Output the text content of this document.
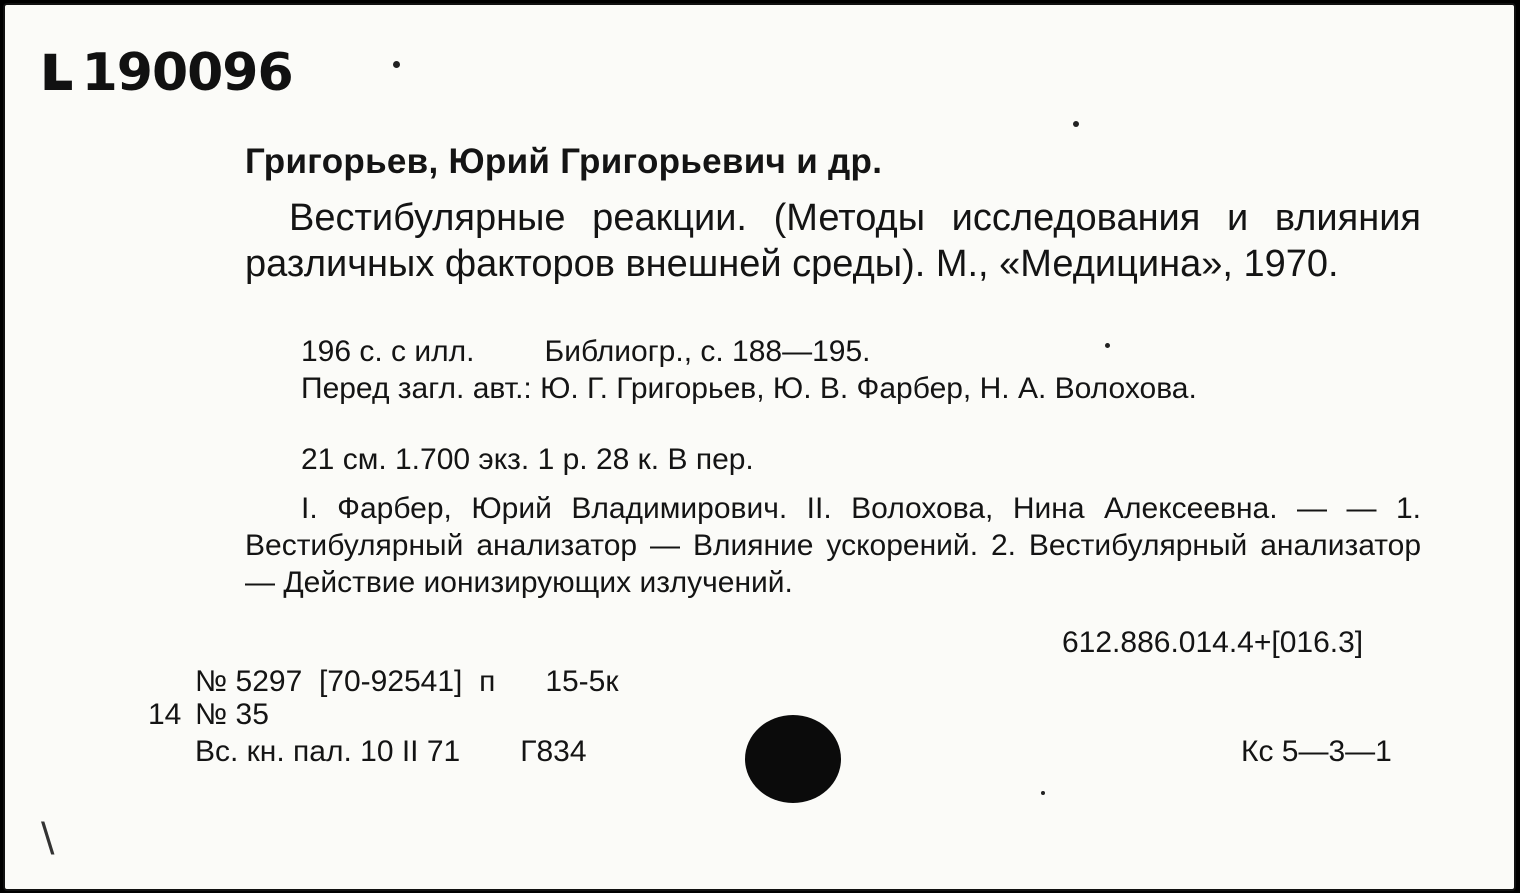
ʟ 190096
Григорьев, Юрий Григорьевич и др.
Вестибулярные реакции. (Методы исследования и влияния различных факторов внешней среды). М., «Медицина», 1970.
196 с. с илл. Библиогр., с. 188—195.
Перед загл. авт.: Ю. Г. Григорьев, Ю. В. Фарбер, Н. А. Волохова.
21 см. 1.700 экз. 1 р. 28 к. В пер.
I. Фарбер, Юрий Владимирович. II. Волохова, Нина Алексеевна. — — 1. Вестибулярный анализатор — Влияние ускорений. 2. Вестибулярный анализатор — Действие ионизирующих излучений.
612.886.014.4+[016.3]
№ 5297 [70-92541] п 15-5к
14 № 35
Вс. кн. пал. 10 II 71 Г834	Кс 5—3—1
\
